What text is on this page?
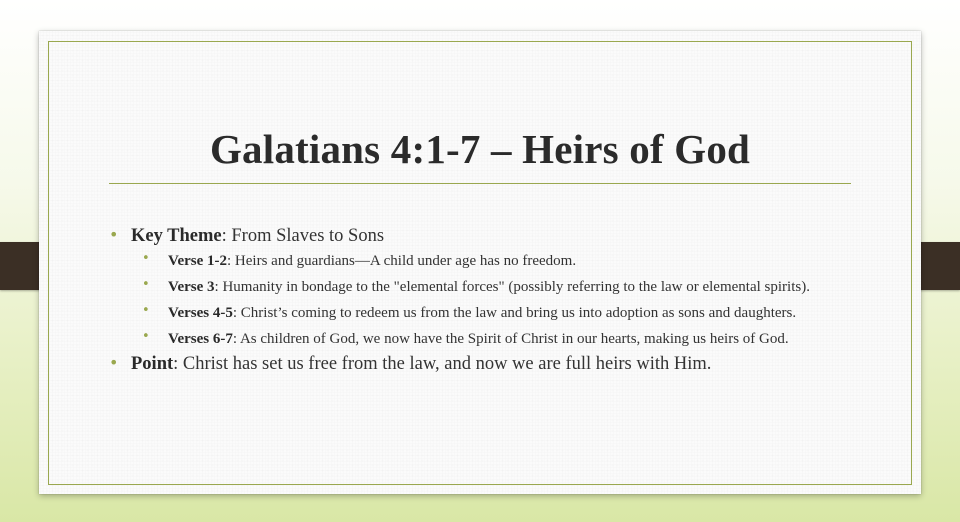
Galatians 4:1-7 – Heirs of God
• Key Theme: From Slaves to Sons
• Verse 1-2: Heirs and guardians—A child under age has no freedom.
• Verse 3: Humanity in bondage to the "elemental forces" (possibly referring to the law or elemental spirits).
• Verses 4-5: Christ’s coming to redeem us from the law and bring us into adoption as sons and daughters.
• Verses 6-7: As children of God, we now have the Spirit of Christ in our hearts, making us heirs of God.
• Point: Christ has set us free from the law, and now we are full heirs with Him.
